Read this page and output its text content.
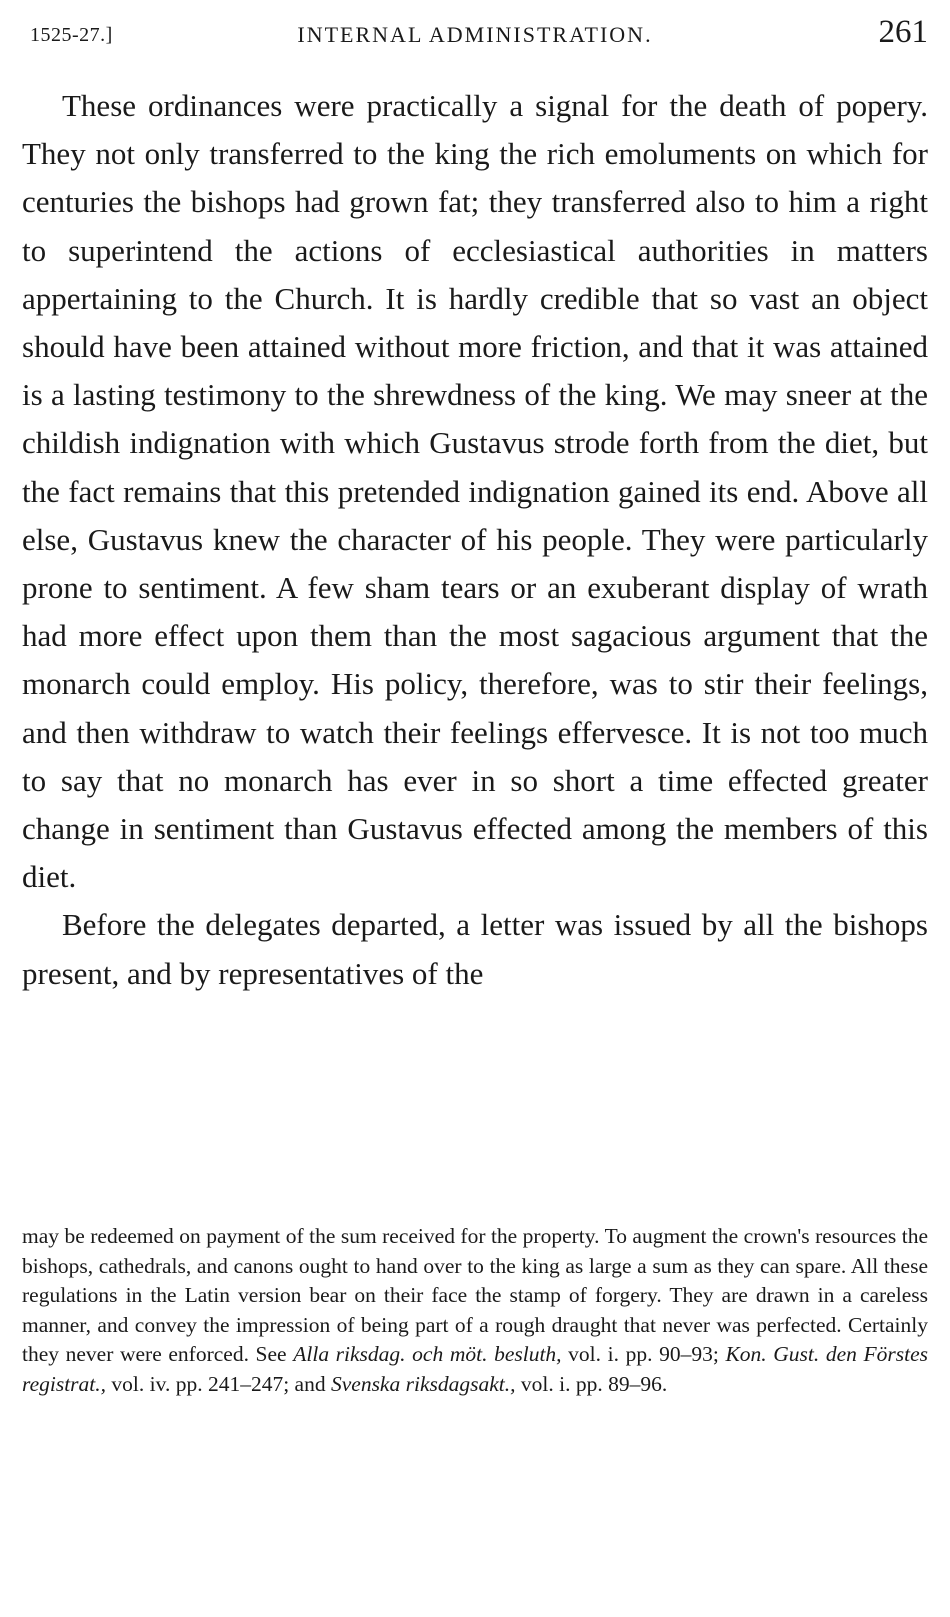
1525-27.]	INTERNAL ADMINISTRATION.	261

These ordinances were practically a signal for the death of popery. They not only transferred to the king the rich emoluments on which for centuries the bishops had grown fat; they transferred also to him a right to superintend the actions of ecclesiastical authorities in matters appertaining to the Church. It is hardly credible that so vast an object should have been attained without more friction, and that it was attained is a lasting testimony to the shrewdness of the king. We may sneer at the childish indignation with which Gustavus strode forth from the diet, but the fact remains that this pretended indignation gained its end. Above all else, Gustavus knew the character of his people. They were particularly prone to sentiment. A few sham tears or an exuberant display of wrath had more effect upon them than the most sagacious argument that the monarch could employ. His policy, therefore, was to stir their feelings, and then withdraw to watch their feelings effervesce. It is not too much to say that no monarch has ever in so short a time effected greater change in sentiment than Gustavus effected among the members of this diet.

Before the delegates departed, a letter was issued by all the bishops present, and by representatives of the

may be redeemed on payment of the sum received for the property. To augment the crown's resources the bishops, cathedrals, and canons ought to hand over to the king as large a sum as they can spare. All these regulations in the Latin version bear on their face the stamp of forgery. They are drawn in a careless manner, and convey the impression of being part of a rough draught that never was perfected. Certainly they never were enforced. See Alla riksdag. och möt. besluth, vol. i. pp. 90–93; Kon. Gust. den Förstes registrat., vol. iv. pp. 241–247; and Svenska riksdagsakt., vol. i. pp. 89–96.
